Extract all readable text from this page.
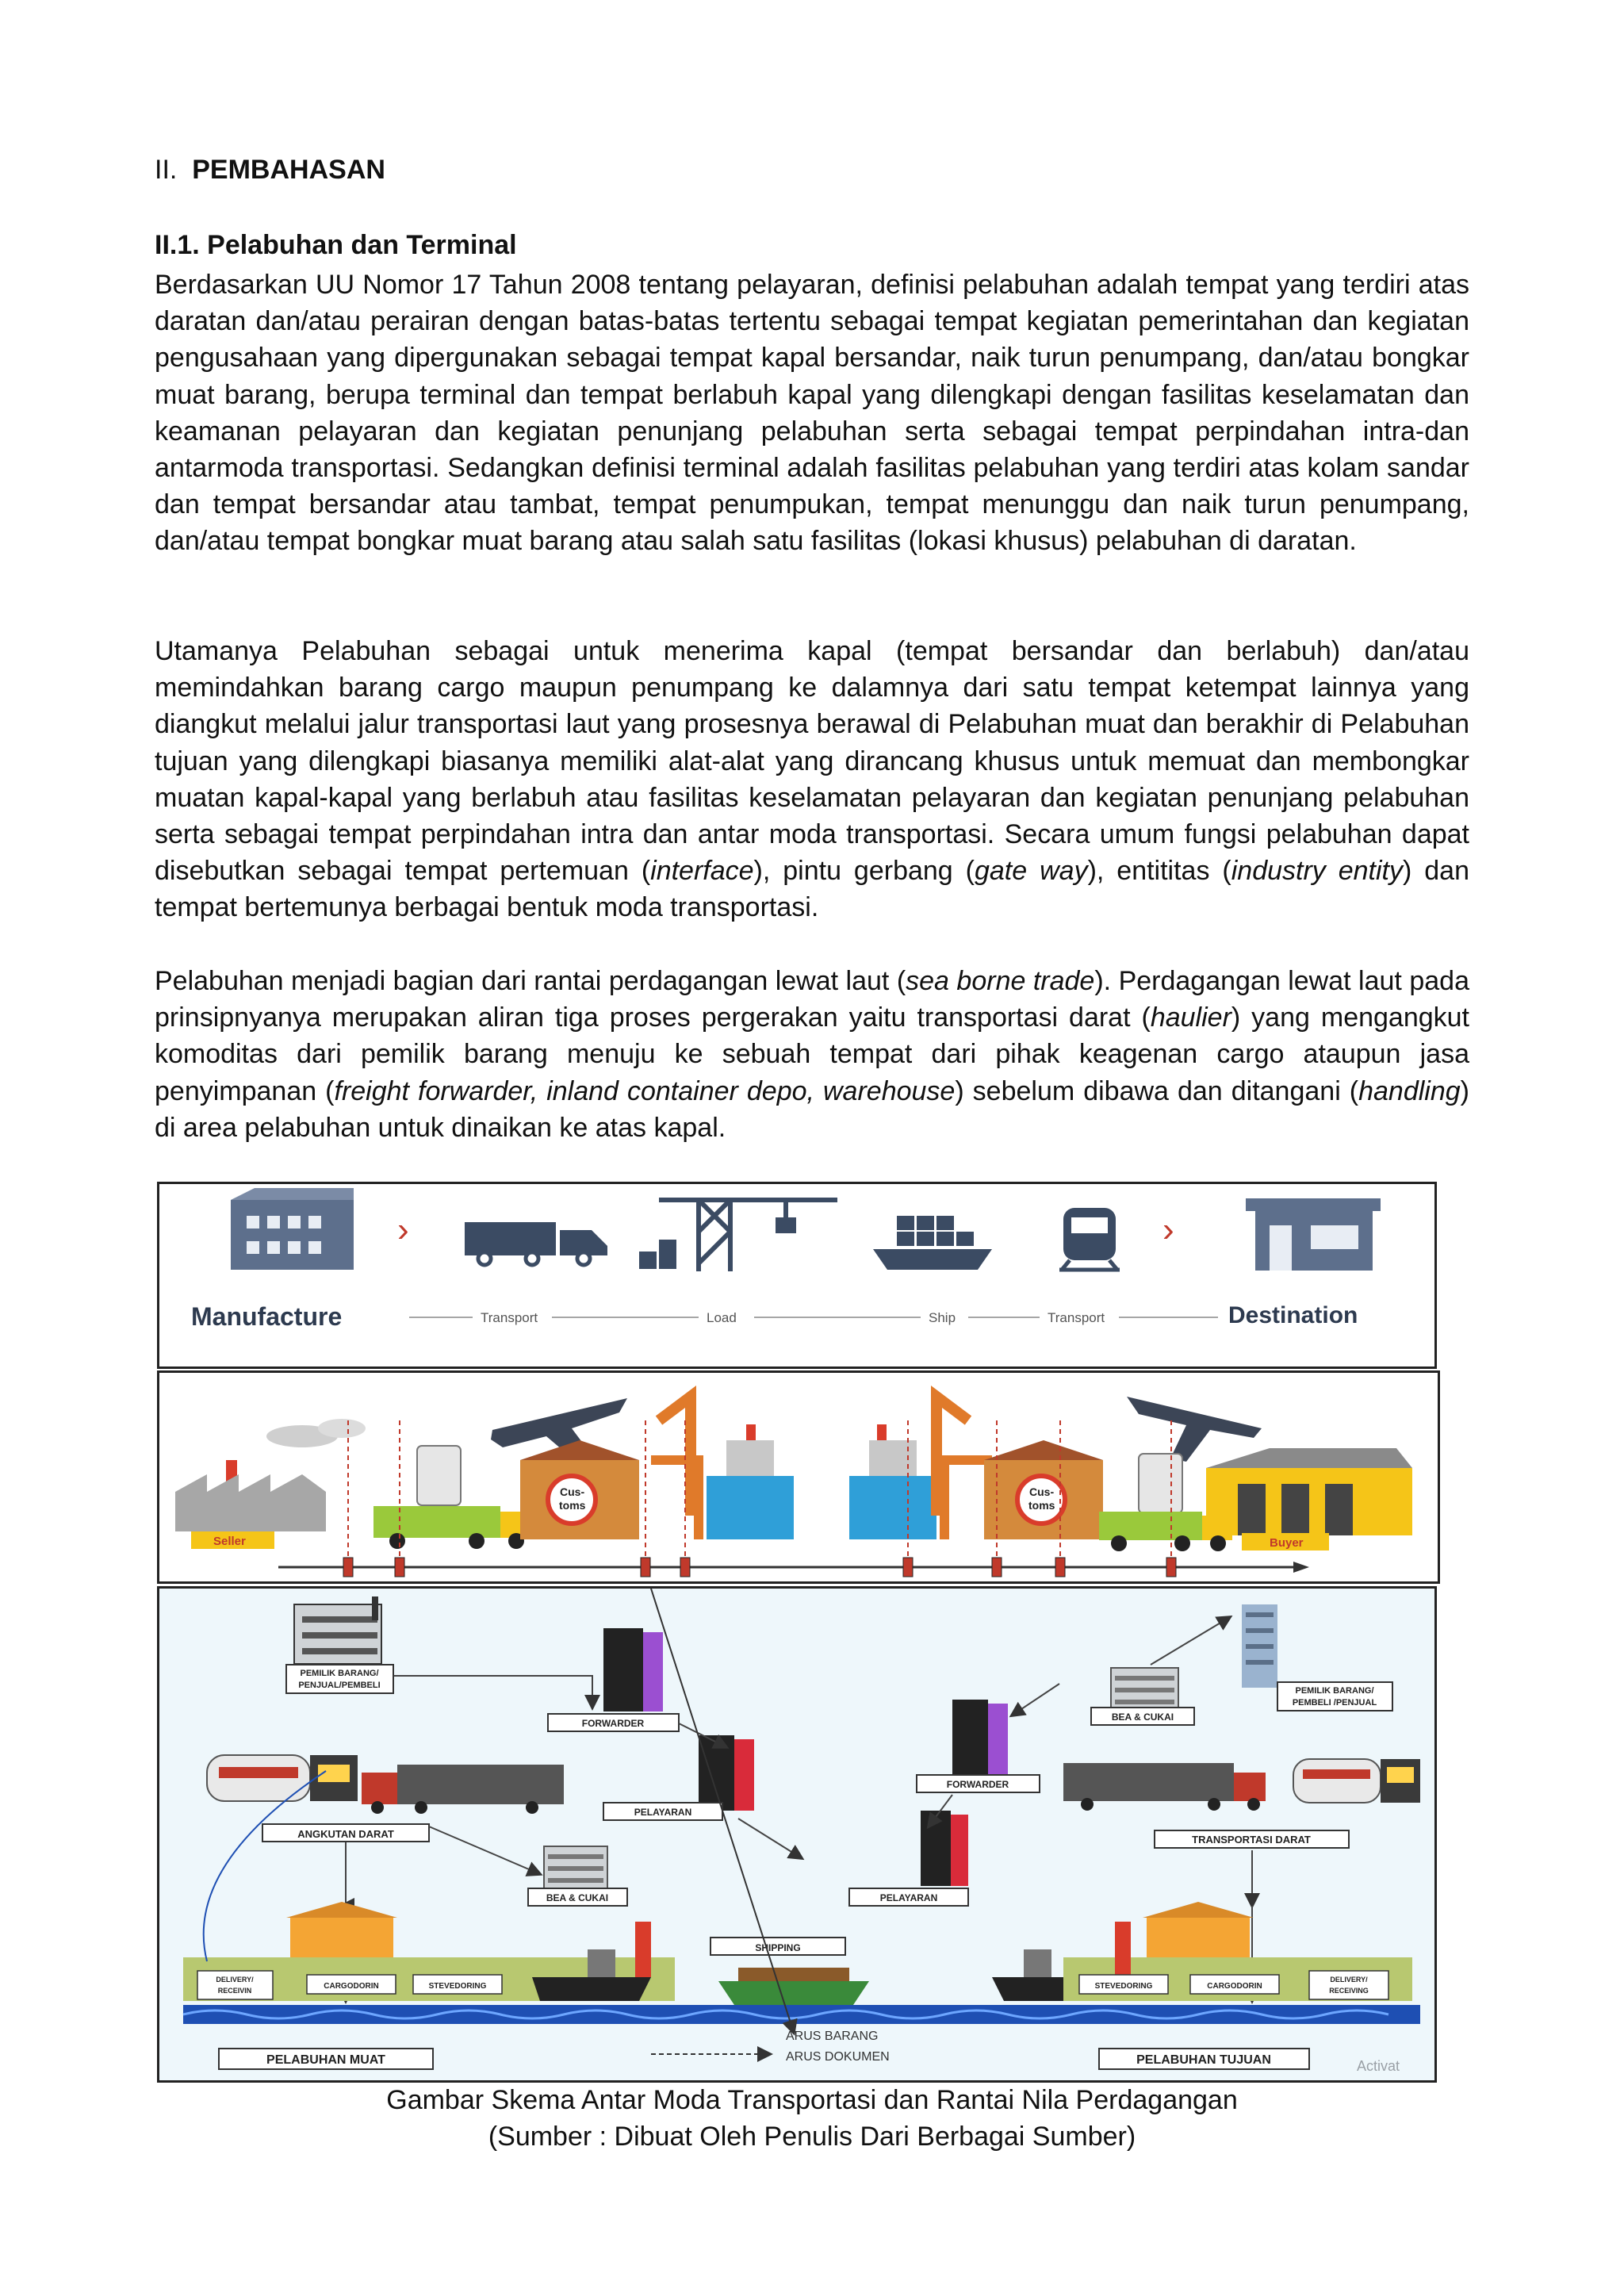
II. PEMBAHASAN
II.1. Pelabuhan dan Terminal

Berdasarkan UU Nomor 17 Tahun 2008 tentang pelayaran, definisi pelabuhan adalah tempat yang terdiri atas daratan dan/atau perairan dengan batas-batas tertentu sebagai tempat kegiatan pemerintahan dan kegiatan pengusahaan yang dipergunakan sebagai tempat kapal bersandar, naik turun penumpang, dan/atau bongkar muat barang, berupa terminal dan tempat berlabuh kapal yang dilengkapi dengan fasilitas keselamatan dan keamanan pelayaran dan kegiatan penunjang pelabuhan serta sebagai tempat perpindahan intra-dan antarmoda transportasi. Sedangkan definisi terminal adalah fasilitas pelabuhan yang terdiri atas kolam sandar dan tempat bersandar atau tambat, tempat penumpukan, tempat menunggu dan naik turun penumpang, dan/atau tempat bongkar muat barang atau salah satu fasilitas (lokasi khusus) pelabuhan di daratan.

Utamanya Pelabuhan sebagai untuk menerima kapal (tempat bersandar dan berlabuh) dan/atau memindahkan barang cargo maupun penumpang ke dalamnya dari satu tempat ketempat lainnya yang diangkut melalui jalur transportasi laut yang prosesnya berawal di Pelabuhan muat dan berakhir di Pelabuhan tujuan yang dilengkapi biasanya memiliki alat-alat yang dirancang khusus untuk memuat dan membongkar muatan kapal-kapal yang berlabuh atau fasilitas keselamatan pelayaran dan kegiatan penunjang pelabuhan serta sebagai tempat perpindahan intra dan antar moda transportasi. Secara umum fungsi pelabuhan dapat disebutkan sebagai tempat pertemuan (interface), pintu gerbang (gate way), entititas (industry entity) dan tempat bertemunya berbagai bentuk moda transportasi.

Pelabuhan menjadi bagian dari rantai perdagangan lewat laut (sea borne trade). Perdagangan lewat laut pada prinsipnyanya merupakan aliran tiga proses pergerakan yaitu transportasi darat (haulier) yang mengangkut komoditas dari pemilik barang menuju ke sebuah tempat dari pihak keagenan cargo ataupun jasa penyimpanan (freight forwarder, inland container depo, warehouse) sebelum dibawa dan ditangani (handling) di area pelabuhan untuk dinaikan ke atas kapal.

›	›
Manufacture	Transport	Load	Ship	Transport	Destination
Seller
Cus-
toms
Cus-
toms
Buyer
PEMILIK BARANG/
PENJUAL/PEMBELI
FORWARDER
PELAYARAN
ANGKUTAN DARAT
BEA & CUKAI	PELAYARAN
PEMILIK BARANG/
PEMBELI /PENJUAL
BEA & CUKAI
FORWARDER
TRANSPORTASI DARAT
DELIVERY/
RECEIVIN	CARGODORIN	STEVEDORING
PELABUHAN MUAT
SHIPPING
ARUS BARANG
ARUS DOKUMEN
STEVEDORING	CARGODORIN
DELIVERY/
RECEIVING
PELABUHAN TUJUAN	Activat
Gambar Skema Antar Moda Transportasi dan Rantai Nila Perdagangan
(Sumber : Dibuat Oleh Penulis Dari Berbagai Sumber)
